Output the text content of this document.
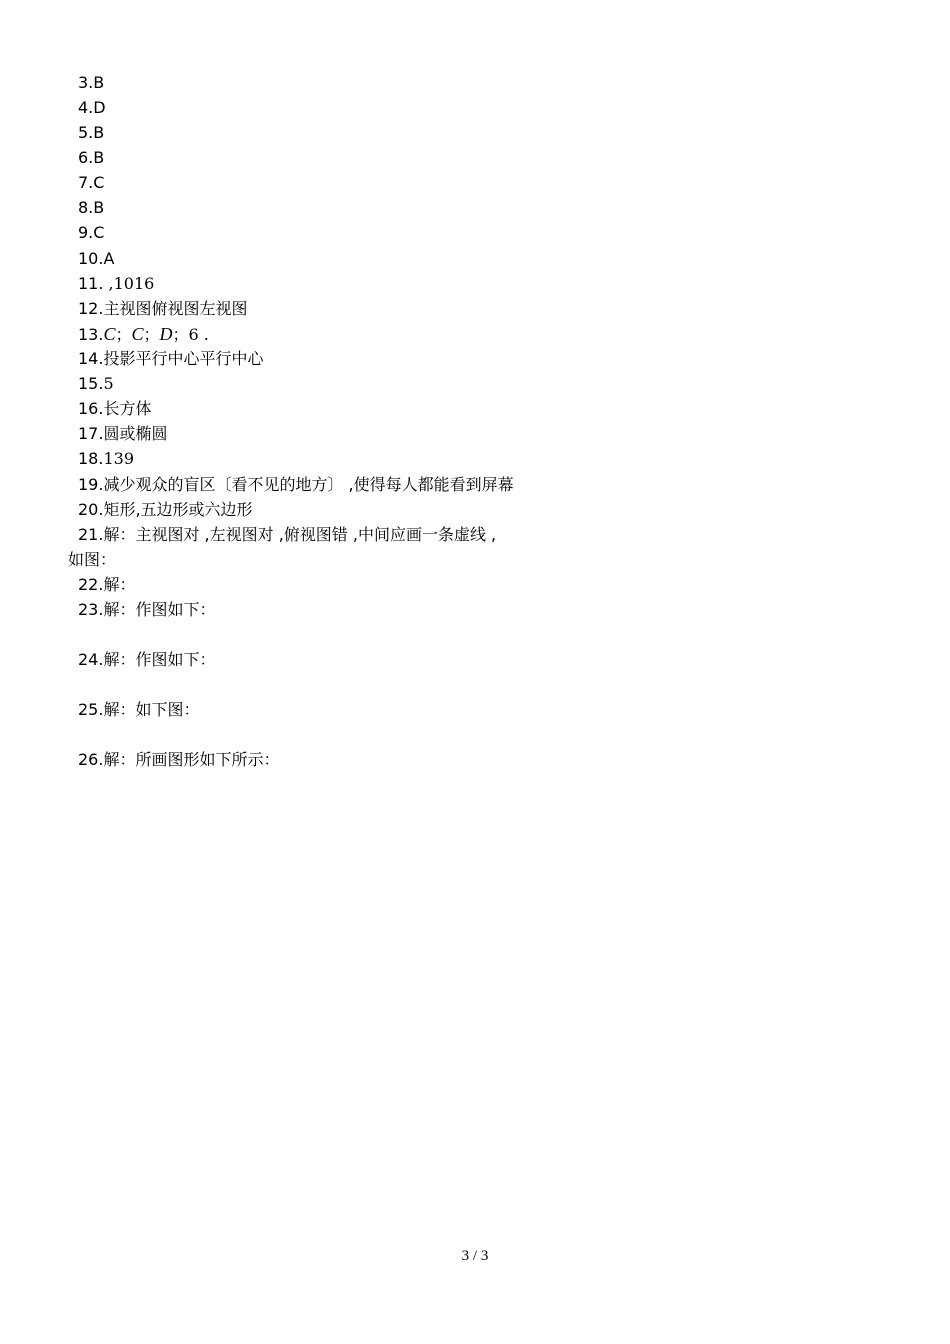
3.B
4.D
5.B
6.B
7.C
8.B
9.C
10.A
11. ,1016
12.主视图俯视图左视图
13.C；C；D；6 .
14.投影平行中心平行中心
15.5
16.长方体
17.圆或椭圆
18.139
19.减少观众的盲区〔看不见的地方〕 ,使得每人都能看到屏幕
20.矩形,五边形或六边形
21.解：主视图对 ,左视图对 ,俯视图错 ,中间应画一条虚线 ,
如图：
22.解：
23.解：作图如下：
24.解：作图如下：
25.解：如下图：
26.解：所画图形如下所示：
3 / 3
